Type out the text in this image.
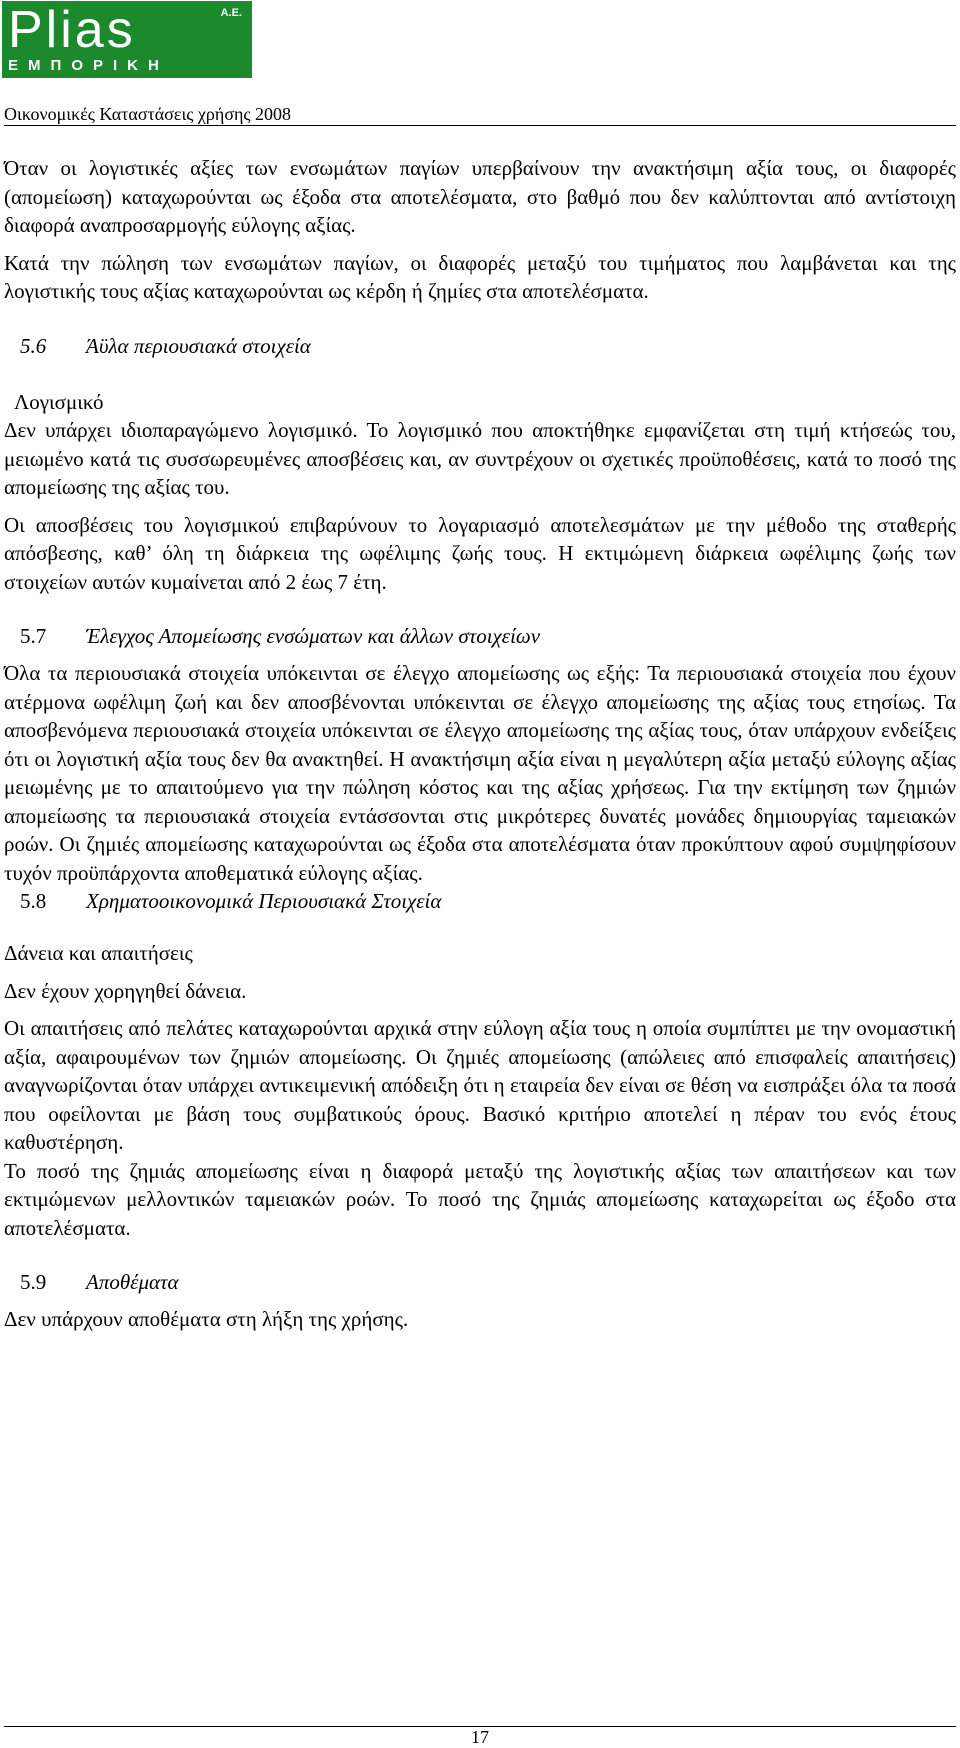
Plias	Α.Ε.
ΕΜΠΟΡΙΚΗ
Οικονομικές Καταστάσεις χρήσης 2008

Όταν οι λογιστικές αξίες των ενσωμάτων παγίων υπερβαίνουν την ανακτήσιμη αξία τους, οι διαφορές (απομείωση) καταχωρούνται ως έξοδα στα αποτελέσματα, στο βαθμό που δεν καλύπτονται από αντίστοιχη διαφορά αναπροσαρμογής εύλογης αξίας.

Κατά την πώληση των ενσωμάτων παγίων, οι διαφορές μεταξύ του τιμήματος που λαμβάνεται και της λογιστικής τους αξίας καταχωρούνται ως κέρδη ή ζημίες στα αποτελέσματα.

5.6 Άϋλα περιουσιακά στοιχεία

Λογισμικό

Δεν υπάρχει ιδιοπαραγώμενο λογισμικό. Το λογισμικό που αποκτήθηκε εμφανίζεται στη τιμή κτήσεώς του, μειωμένο κατά τις συσσωρευμένες αποσβέσεις και, αν συντρέχουν οι σχετικές προϋποθέσεις, κατά το ποσό της απομείωσης της αξίας του.

Οι αποσβέσεις του λογισμικού επιβαρύνουν το λογαριασμό αποτελεσμάτων με την μέθοδο της σταθερής απόσβεσης, καθ’ όλη τη διάρκεια της ωφέλιμης ζωής τους. Η εκτιμώμενη διάρκεια ωφέλιμης ζωής των στοιχείων αυτών κυμαίνεται από 2 έως 7 έτη.

5.7 Έλεγχος Απομείωσης ενσώματων και άλλων στοιχείων

Όλα τα περιουσιακά στοιχεία υπόκεινται σε έλεγχο απομείωσης ως εξής: Τα περιουσιακά στοιχεία που έχουν ατέρμονα ωφέλιμη ζωή και δεν αποσβένονται υπόκεινται σε έλεγχο απομείωσης της αξίας τους ετησίως. Τα αποσβενόμενα περιουσιακά στοιχεία υπόκεινται σε έλεγχο απομείωσης της αξίας τους, όταν υπάρχουν ενδείξεις ότι οι λογιστική αξία τους δεν θα ανακτηθεί. Η ανακτήσιμη αξία είναι η μεγαλύτερη αξία μεταξύ εύλογης αξίας μειωμένης με το απαιτούμενο για την πώληση κόστος και της αξίας χρήσεως. Για την εκτίμηση των ζημιών απομείωσης τα περιουσιακά στοιχεία εντάσσονται στις μικρότερες δυνατές μονάδες δημιουργίας ταμειακών ροών. Οι ζημιές απομείωσης καταχωρούνται ως έξοδα στα αποτελέσματα όταν προκύπτουν αφού συμψηφίσουν τυχόν προϋπάρχοντα αποθεματικά εύλογης αξίας.

5.8 Χρηματοοικονομικά Περιουσιακά Στοιχεία

Δάνεια και απαιτήσεις

Δεν έχουν χορηγηθεί δάνεια.

Οι απαιτήσεις από πελάτες καταχωρούνται αρχικά στην εύλογη αξία τους η οποία συμπίπτει με την ονομαστική αξία, αφαιρουμένων των ζημιών απομείωσης. Οι ζημιές απομείωσης (απώλειες από επισφαλείς απαιτήσεις) αναγνωρίζονται όταν υπάρχει αντικειμενική απόδειξη ότι η εταιρεία δεν είναι σε θέση να εισπράξει όλα τα ποσά που οφείλονται με βάση τους συμβατικούς όρους. Βασικό κριτήριο αποτελεί η πέραν του ενός έτους καθυστέρηση.

Το ποσό της ζημιάς απομείωσης είναι η διαφορά μεταξύ της λογιστικής αξίας των απαιτήσεων και των εκτιμώμενων μελλοντικών ταμειακών ροών. Το ποσό της ζημιάς απομείωσης καταχωρείται ως έξοδο στα αποτελέσματα.

5.9 Αποθέματα

Δεν υπάρχουν αποθέματα στη λήξη της χρήσης.

17
